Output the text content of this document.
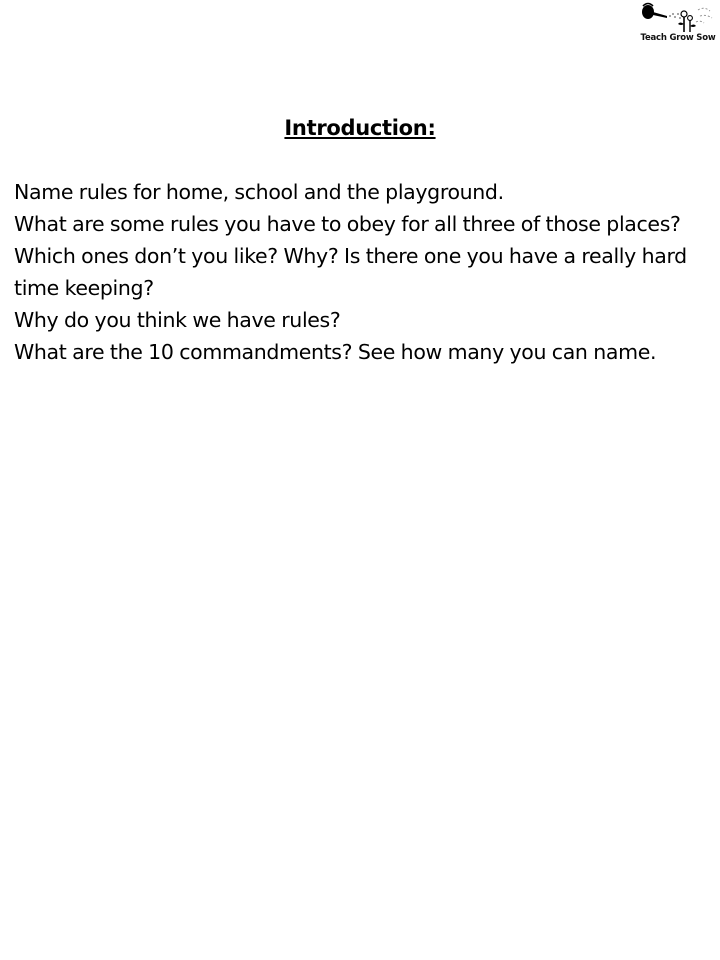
Teach Grow Sow
Introduction:

Name rules for home, school and the playground.

What are some rules you have to obey for all three of those places?

Which ones don’t you like? Why? Is there one you have a really hard time keeping?

Why do you think we have rules?

What are the 10 commandments? See how many you can name.
